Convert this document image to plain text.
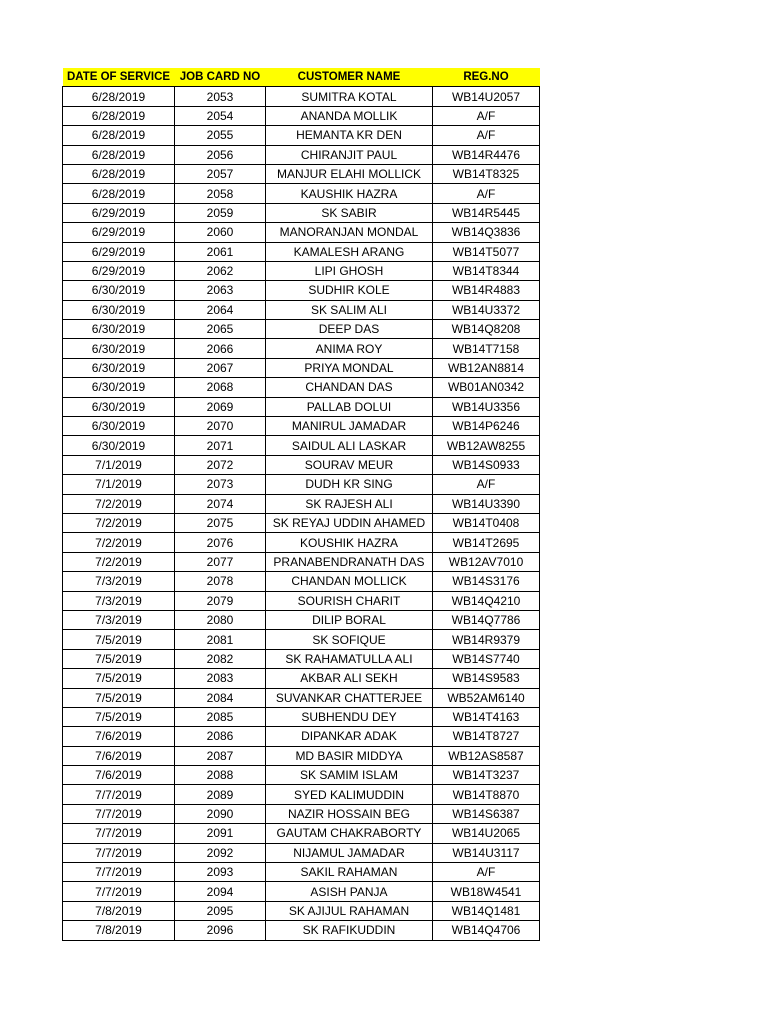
DATE OF SERVICE	JOB CARD NO	CUSTOMER NAME	REG.NO
6/28/2019	2053	SUMITRA KOTAL	WB14U2057
6/28/2019	2054	ANANDA MOLLIK	A/F
6/28/2019	2055	HEMANTA KR DEN	A/F
6/28/2019	2056	CHIRANJIT PAUL	WB14R4476
6/28/2019	2057	MANJUR ELAHI MOLLICK	WB14T8325
6/28/2019	2058	KAUSHIK HAZRA	A/F
6/29/2019	2059	SK SABIR	WB14R5445
6/29/2019	2060	MANORANJAN MONDAL	WB14Q3836
6/29/2019	2061	KAMALESH ARANG	WB14T5077
6/29/2019	2062	LIPI GHOSH	WB14T8344
6/30/2019	2063	SUDHIR KOLE	WB14R4883
6/30/2019	2064	SK SALIM ALI	WB14U3372
6/30/2019	2065	DEEP DAS	WB14Q8208
6/30/2019	2066	ANIMA ROY	WB14T7158
6/30/2019	2067	PRIYA MONDAL	WB12AN8814
6/30/2019	2068	CHANDAN DAS	WB01AN0342
6/30/2019	2069	PALLAB DOLUI	WB14U3356
6/30/2019	2070	MANIRUL JAMADAR	WB14P6246
6/30/2019	2071	SAIDUL ALI LASKAR	WB12AW8255
7/1/2019	2072	SOURAV MEUR	WB14S0933
7/1/2019	2073	DUDH KR SING	A/F
7/2/2019	2074	SK RAJESH ALI	WB14U3390
7/2/2019	2075	SK REYAJ UDDIN AHAMED	WB14T0408
7/2/2019	2076	KOUSHIK HAZRA	WB14T2695
7/2/2019	2077	PRANABENDRANATH DAS	WB12AV7010
7/3/2019	2078	CHANDAN MOLLICK	WB14S3176
7/3/2019	2079	SOURISH CHARIT	WB14Q4210
7/3/2019	2080	DILIP BORAL	WB14Q7786
7/5/2019	2081	SK SOFIQUE	WB14R9379
7/5/2019	2082	SK RAHAMATULLA ALI	WB14S7740
7/5/2019	2083	AKBAR ALI SEKH	WB14S9583
7/5/2019	2084	SUVANKAR CHATTERJEE	WB52AM6140
7/5/2019	2085	SUBHENDU DEY	WB14T4163
7/6/2019	2086	DIPANKAR ADAK	WB14T8727
7/6/2019	2087	MD BASIR MIDDYA	WB12AS8587
7/6/2019	2088	SK SAMIM ISLAM	WB14T3237
7/7/2019	2089	SYED KALIMUDDIN	WB14T8870
7/7/2019	2090	NAZIR HOSSAIN BEG	WB14S6387
7/7/2019	2091	GAUTAM CHAKRABORTY	WB14U2065
7/7/2019	2092	NIJAMUL JAMADAR	WB14U3117
7/7/2019	2093	SAKIL RAHAMAN	A/F
7/7/2019	2094	ASISH PANJA	WB18W4541
7/8/2019	2095	SK AJIJUL RAHAMAN	WB14Q1481
7/8/2019	2096	SK RAFIKUDDIN	WB14Q4706
